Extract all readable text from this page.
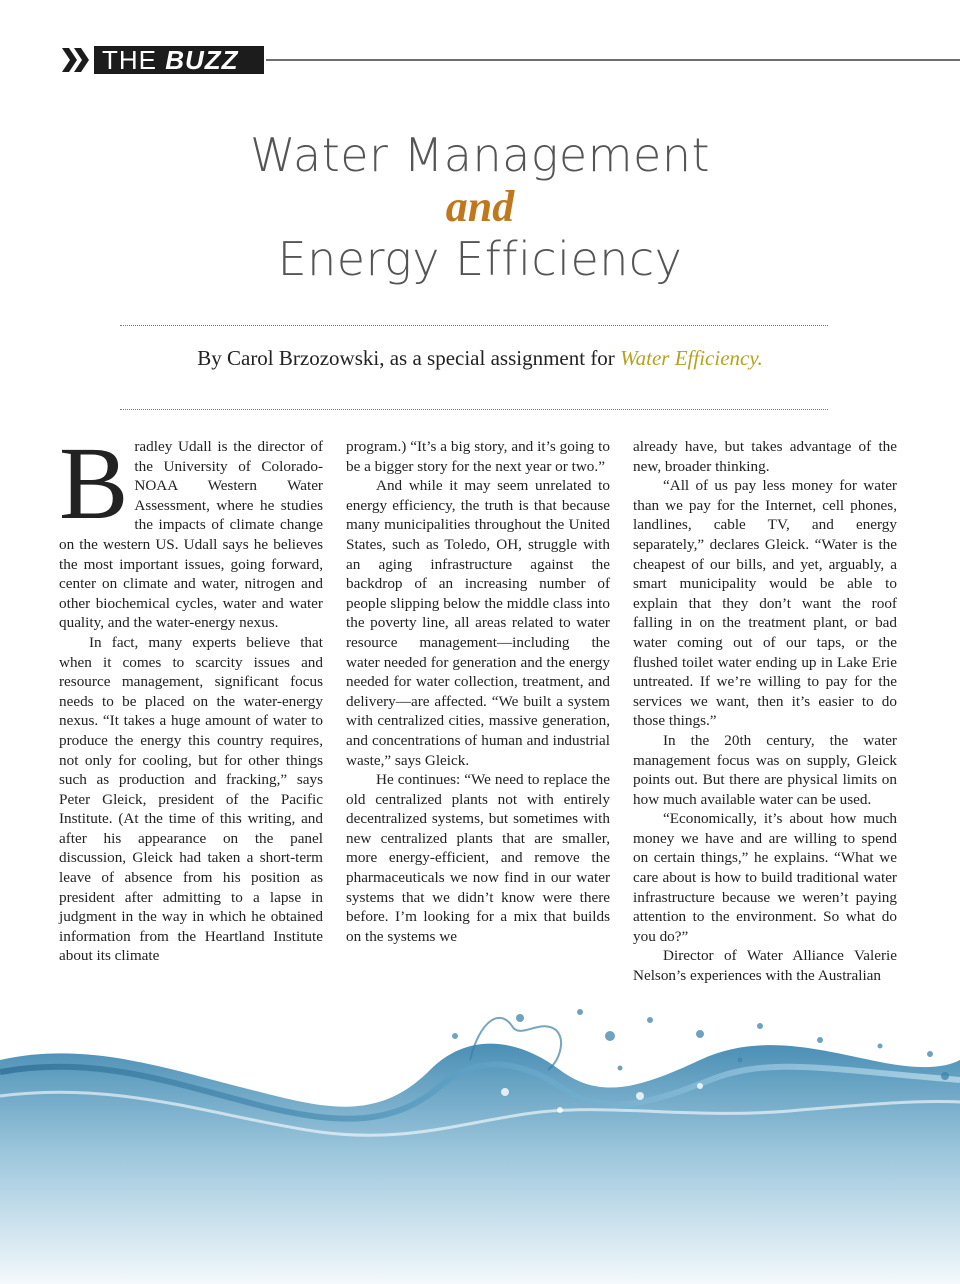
THE BUZZ
Water Management
and
Energy Efficiency
By Carol Brzozowski, as a special assignment for Water Efficiency.

Bradley Udall is the director of the University of Colorado-NOAA Western Water Assessment, where he studies the impacts of climate change on the western US. Udall says he believes the most important issues, going forward, center on climate and water, nitrogen and other biochemical cycles, water and water quality, and the water-energy nexus.

In fact, many experts believe that when it comes to scarcity issues and resource management, significant focus needs to be placed on the water-energy nexus. “It takes a huge amount of water to produce the energy this country requires, not only for cooling, but for other things such as production and fracking,” says Peter Gleick, president of the Pacific Institute. (At the time of this writing, and after his appearance on the panel discussion, Gleick had taken a short-term leave of absence from his position as president after admitting to a lapse in judgment in the way in which he obtained information from the Heartland Institute about its climate

program.) “It’s a big story, and it’s going to be a bigger story for the next year or two.”

And while it may seem unrelated to energy efficiency, the truth is that because many municipalities throughout the United States, such as Toledo, OH, struggle with an aging infrastructure against the backdrop of an increasing number of people slipping below the middle class into the poverty line, all areas related to water resource management—including the water needed for generation and the energy needed for water collection, treatment, and delivery—are affected. “We built a system with centralized cities, massive generation, and concentrations of human and industrial waste,” says Gleick.

He continues: “We need to replace the old centralized plants not with entirely decentralized systems, but sometimes with new centralized plants that are smaller, more energy-efficient, and remove the pharmaceuticals we now find in our water systems that we didn’t know were there before. I’m looking for a mix that builds on the systems we

already have, but takes advantage of the new, broader thinking.

“All of us pay less money for water than we pay for the Internet, cell phones, landlines, cable TV, and energy separately,” declares Gleick. “Water is the cheapest of our bills, and yet, arguably, a smart municipality would be able to explain that they don’t want the roof falling in on the treatment plant, or bad water coming out of our taps, or the flushed toilet water ending up in Lake Erie untreated. If we’re willing to pay for the services we want, then it’s easier to do those things.”

In the 20th century, the water management focus was on supply, Gleick points out. But there are physical limits on how much available water can be used.

“Economically, it’s about how much money we have and are willing to spend on certain things,” he explains. “What we care about is how to build traditional water infrastructure because we weren’t paying attention to the environment. So what do you do?”

Director of Water Alliance Valerie Nelson’s experiences with the Australian
